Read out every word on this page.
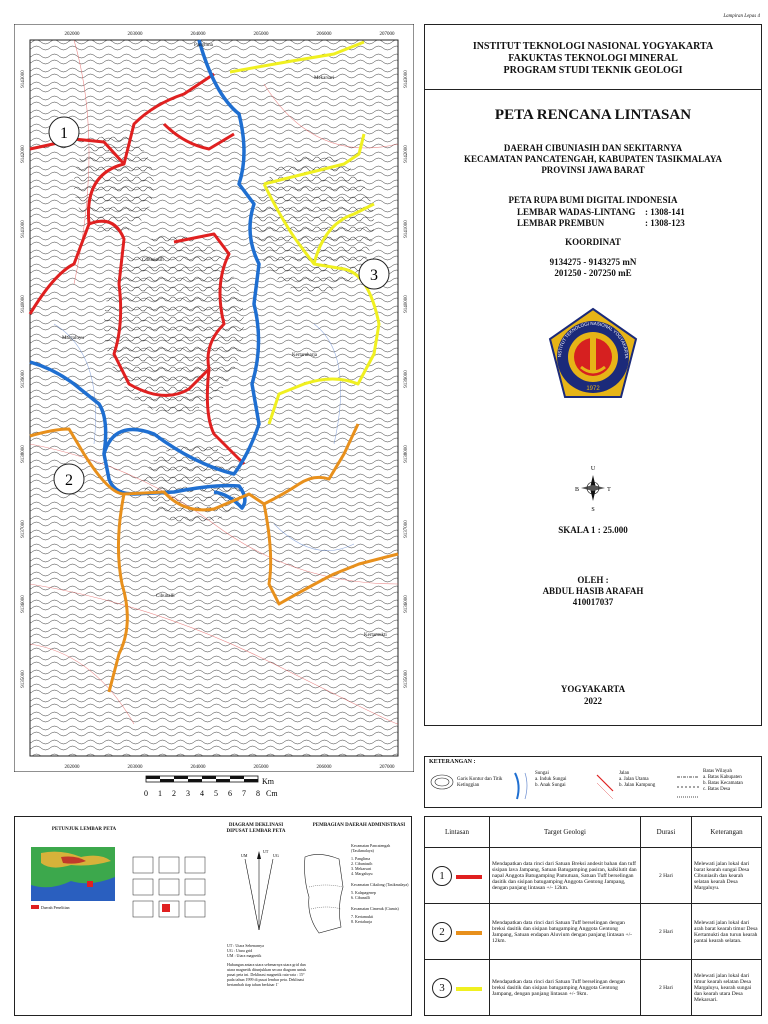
Lampiran Lepas 4
1
2
3
Panglima
Mekarsari
Cibuniasih
Margaluyu
Kertaraharja
Cibunalli
Kertamukti
202000	203000	204000	205000	206000	207000
202000	203000	204000	205000	206000	207000
9143000
9142000
9141000
9140000
9139000
9138000
9137000
9136000
9135000
9143000
9142000
9141000
9140000
9139000
9138000
9137000
9136000
9135000
0 1 2 3 4 5 6 7 8
Km
Cm
INSTITUT TEKNOLOGI NASIONAL YOGYAKARTA
FAKUKTAS TEKNOLOGI MINERAL
PROGRAM STUDI TEKNIK GEOLOGI
PETA RENCANA LINTASAN
DAERAH CIBUNIASIH DAN SEKITARNYA
KECAMATAN PANCATENGAH, KABUPATEN TASIKMALAYA
PROVINSI JAWA BARAT
PETA RUPA BUMI DIGITAL INDONESIA
LEMBAR WADAS-LINTANG	: 1308-141
LEMBAR PREMBUN	: 1308-123
KOORDINAT
9134275 - 9143275 mN
201250 - 207250 mE
1972
NSTITUT TEKNOLOGI NASIONAL YOGYAKARTA
U
S
B	T
SKALA 1 : 25.000
OLEH :
ABDUL HASIB ARAFAH
410017037
YOGYAKARTA
2022
KETERANGAN :
Garis Kontur dan Titik Ketinggian
Sungai
a. Induk Sungai
b. Anak Sungai
Jalan
a. Jalan Utama
b. Jalan Kampung
Batas Wilayah
a. Batas Kabupaten
b. Batas Kecamatan
c. Batas Desa
PETUNJUK LEMBAR PETA
Daerah Penelitian
DIAGRAM DEKLINASI
DIPUSAT LEMBAR PETA
UM
UT
UG
UT : Utara Sebenarnya
UG : Utara grid
UM : Utara magnetik
Hubungan antara utara sebenarnya utara grid dan utara magnetik ditunjukkan secara diagram untuk pusat peta ini. Deklinasi magnetik rata-rata : 15° pada tahun 1999 di pusat lembar peta. Deklinasi bertambah tiap tahun berkisar 1'
PEMBAGIAN DAERAH ADMINISTRASI
Kecamatan Pancatengah (Tasikmalaya)
1. Panglima
2. Cibuniasih
3. Mekarsari
4. Margaluyu
Kecamatan Cikalong (Tasikmalaya)
5. Kalapagenep
6. Cibunalli
Kecamatan Cimerak (Ciamis)
7. Kertamukti
8. Kertaharja
Lintasan	Target Geologi	Durasi	Keterangan
1	Mendapatkan data rinci dari Satuan Breksi andesit bahan dan tuff sisipan lava Jampang, Satuan Batugamping pasiran, kalkilutit dan napal Anggota Batugamping Pamutuan, Satuan Tuff berselingan dasitik dan sisipan batugamping Anggota Gentong Jampang, dengan panjang lintasan +/- 12km.	2 Hari	Melewati jalan lokal dari barat kearah sungai Desa Cibuniasih dan kearah selatan kearah Desa Margaluyu.
2	Mendapatkan data rinci dari Satuan Tuff berselingan dengan breksi dasitik dan sisipan batugamping Anggota Gentong Jampang, Satuan endapan Aluvium dengan panjang lintasan +/- 12km.	2 Hari	Melewati jalan lokal dari arah barat kearah timur Desa Kertamukti dan turun kearah pantai kearah selatan.
3	Mendapatkan data rinci dari Satuan Tuff berselingan dengan breksi dasitik dan sisipan batugamping Anggota Gentong Jampang, dengan panjang lintasan +/- 9km.	2 Hari	Melewati jalan lokal dari timur kearah selatan Desa Margaluyu, kearah sungai dan kearah utara Desa Mekarsari.
